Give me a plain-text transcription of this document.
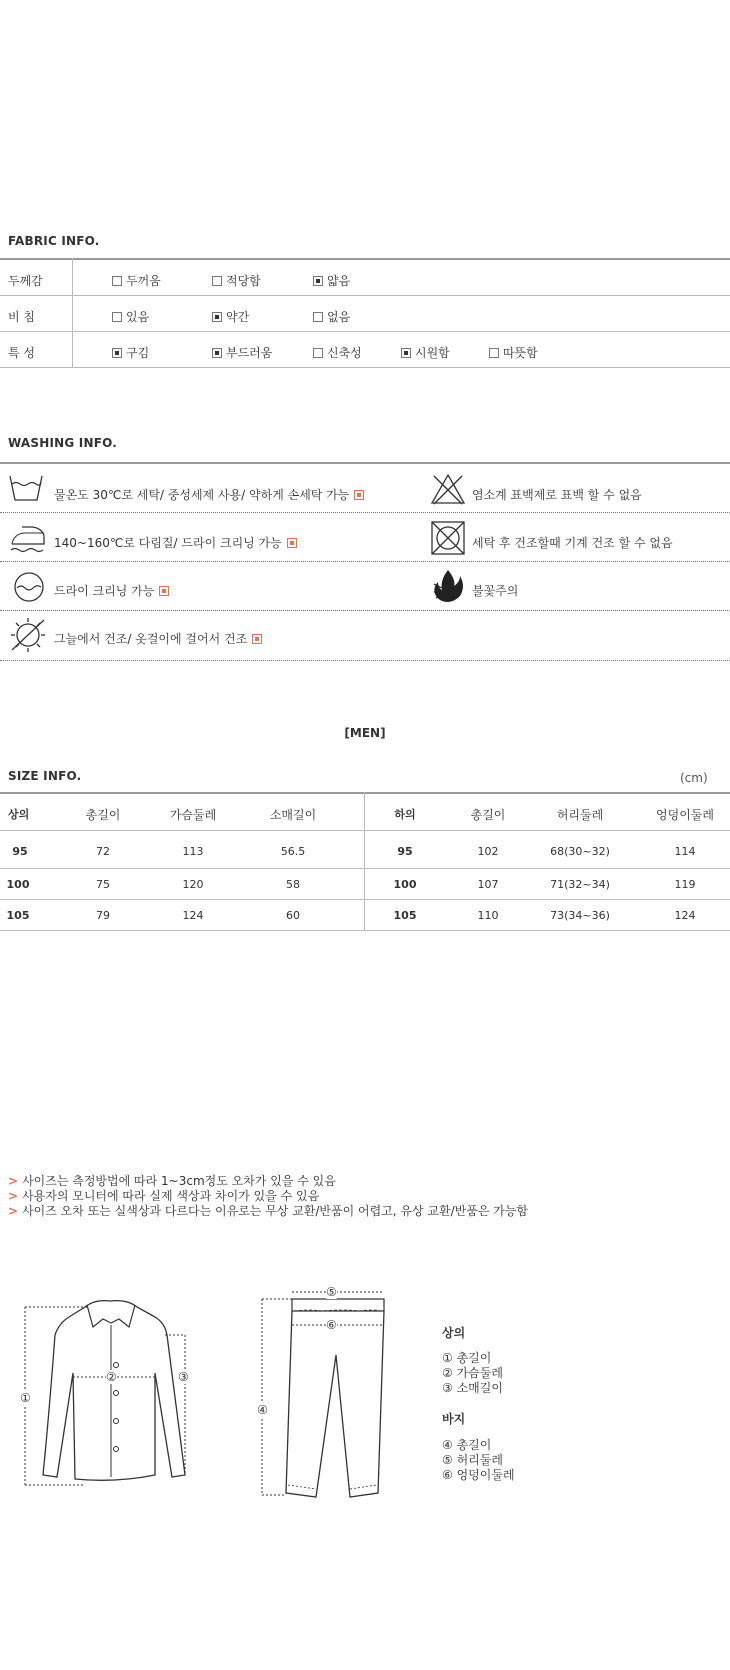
FABRIC INFO.
두께감	두꺼움	적당함	얇음
비 침	있음	약간	없음
특 성	구김	부드러움	신축성	시원함	따뜻함
WASHING INFO.
물온도 30℃로 세탁/ 중성세제 사용/ 약하게 손세탁 가능	염소계 표백제로 표백 할 수 없음
140~160℃로 다림질/ 드라이 크리닝 가능	세탁 후 건조할때 기계 건조 할 수 없음
드라이 크리닝 가능	불꽃주의
그늘에서 건조/ 옷걸이에 걸어서 건조
[MEN]
SIZE INFO.	(cm)
상의	총길이	가슴둘레	소매길이	하의	총길이	허리둘레	엉덩이둘레
95	72	113	56.5	95	102	68(30~32)	114
100	75	120	58	100	107	71(32~34)	119
105	79	124	60	105	110	73(34~36)	124
> 사이즈는 측정방법에 따라 1~3cm정도 오차가 있을 수 있음
> 사용자의 모니터에 따라 실제 색상과 차이가 있을 수 있음
> 사이즈 오차 또는 실색상과 다르다는 이유로는 무상 교환/반품이 어렵고, 유상 교환/반품은 가능함
①
②	③
④
⑤
⑥
상의
① 총길이
② 가슴둘레
③ 소매길이
바지
④ 총길이
⑤ 허리둘레
⑥ 엉덩이둘레
